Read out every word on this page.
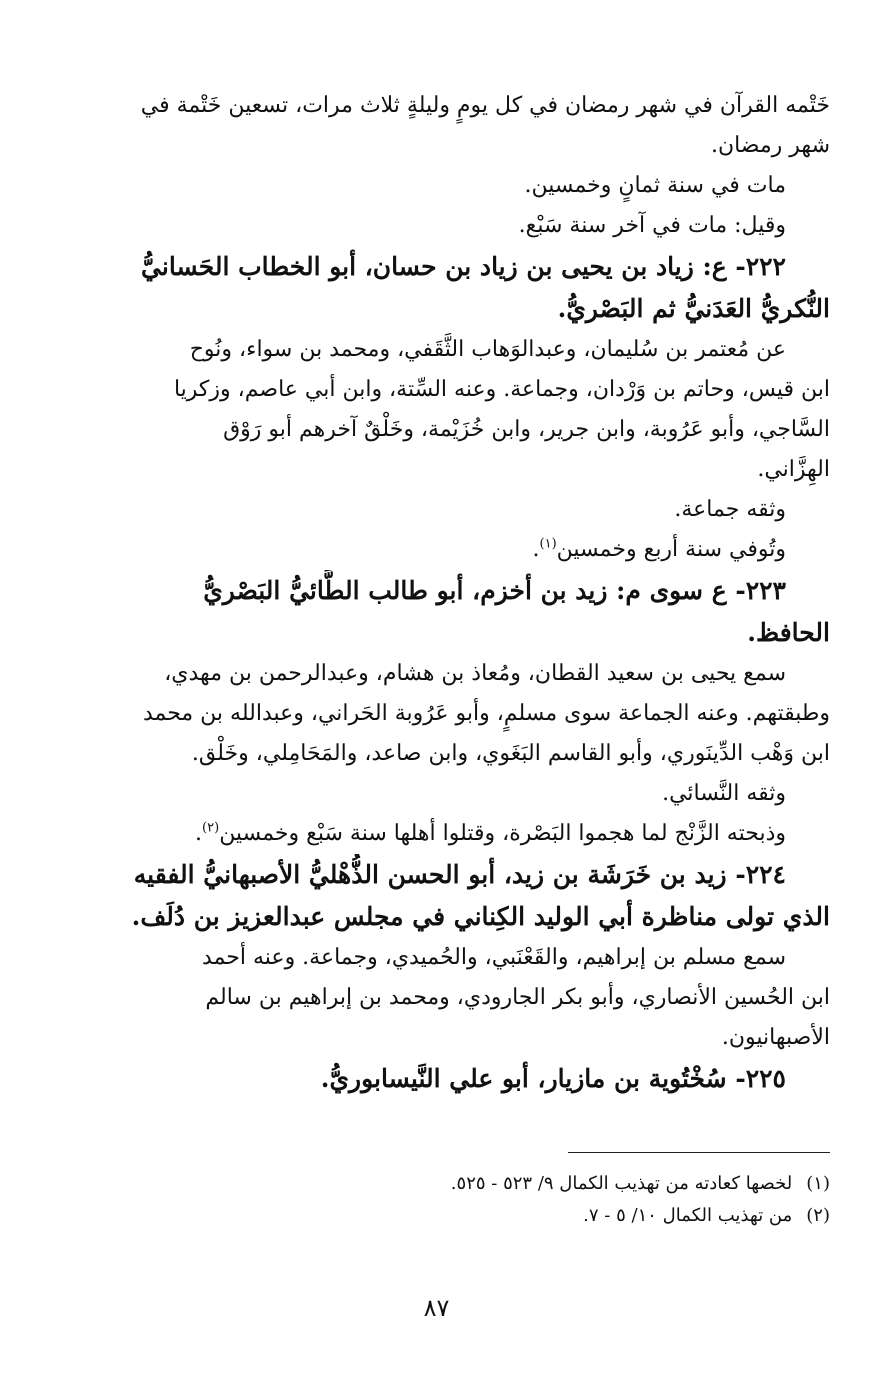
خَتْمه القرآن في شهر رمضان في كل يومٍ وليلةٍ ثلاث مرات، تسعين خَتْمة في
شهر رمضان.
مات في سنة ثمانٍ وخمسين.
وقيل: مات في آخر سنة سَبْع.
٢٢٢- ع: زياد بن يحيى بن زياد بن حسان، أبو الخطاب الحَسانيُّ
النُّكريُّ العَدَنيُّ ثم البَصْريُّ.
عن مُعتمر بن سُليمان، وعبدالوَهاب الثَّقَفي، ومحمد بن سواء، ونُوح
ابن قيس، وحاتم بن وَرْدان، وجماعة. وعنه السِّتة، وابن أبي عاصم، وزكريا
السَّاجي، وأبو عَرُوبة، وابن جرير، وابن خُزَيْمة، وخَلْقٌ آخرهم أبو رَوْق
الهِزَّاني.
وثقه جماعة.
وتُوفي سنة أربع وخمسين$^{(١)}$.
٢٢٣- ع سوى م: زيد بن أخزم، أبو طالب الطَّائيُّ البَصْريُّ
الحافظ.
سمع يحيى بن سعيد القطان، ومُعاذ بن هشام، وعبدالرحمن بن مهدي،
وطبقتهم. وعنه الجماعة سوى مسلمٍ، وأبو عَرُوبة الحَراني، وعبدالله بن محمد
ابن وَهْب الدِّينَوري، وأبو القاسم البَغَوي، وابن صاعد، والمَحَامِلي، وخَلْق.
وثقه النَّسائي.
وذبحته الزَّنْج لما هجموا البَصْرة، وقتلوا أهلها سنة سَبْع وخمسين$^{(٢)}$.
٢٢٤- زيد بن خَرَشَة بن زيد، أبو الحسن الذُّهْليُّ الأصبهانيُّ الفقيه
الذي تولى مناظرة أبي الوليد الكِناني في مجلس عبدالعزيز بن دُلَف.
سمع مسلم بن إبراهيم، والقَعْنَبي، والحُميدي، وجماعة. وعنه أحمد
ابن الحُسين الأنصاري، وأبو بكر الجارودي، ومحمد بن إبراهيم بن سالم
الأصبهانيون.
٢٢٥- سُخْتُوية بن مازيار، أبو علي النَّيسابوريُّ.
(١)لخصها كعادته من تهذيب الكمال ٩/ ٥٢٣ - ٥٢٥.
(٢)من تهذيب الكمال ١٠/ ٥ - ٧.
٨٧
